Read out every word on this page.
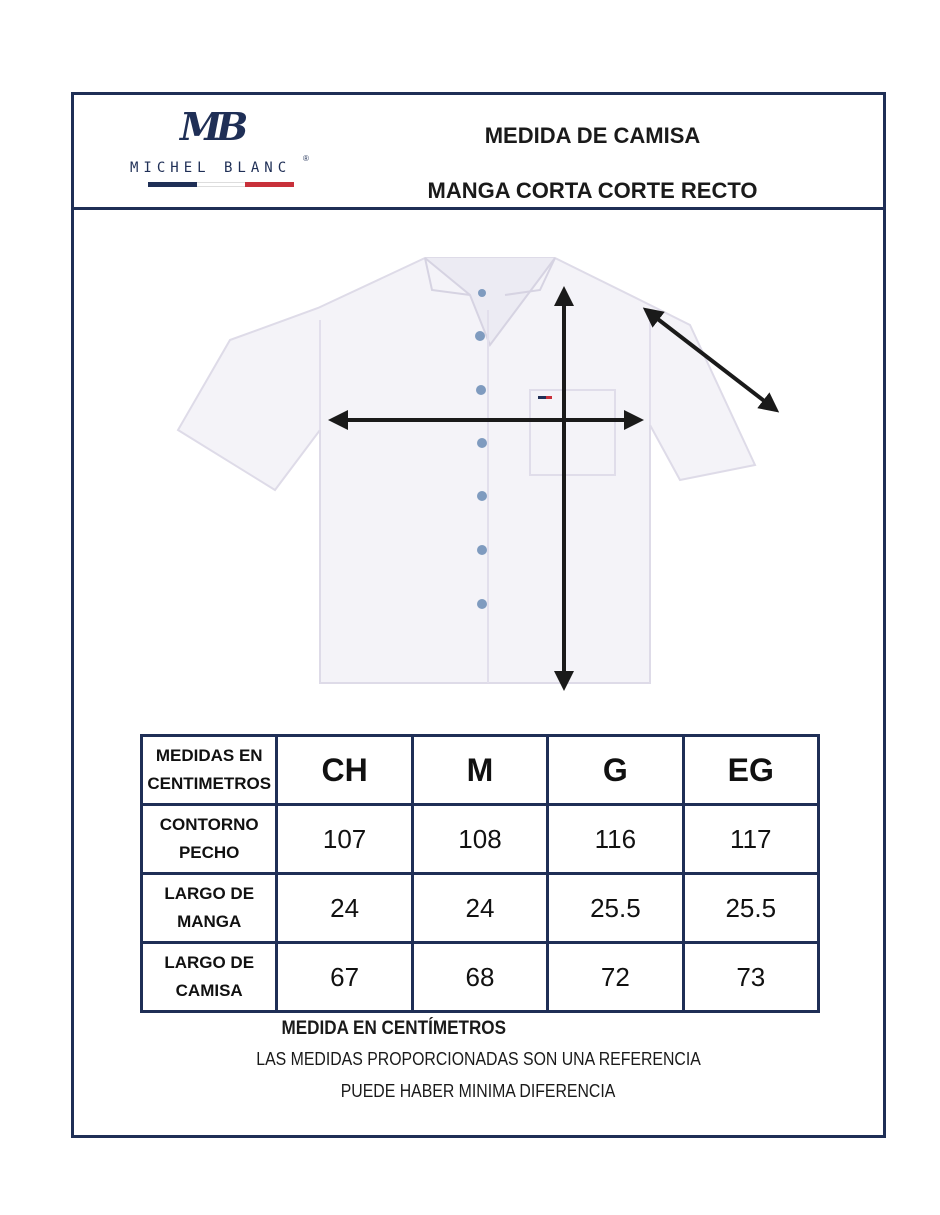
MB
MICHEL BLANC
®
MEDIDA DE CAMISA
MANGA CORTA CORTE RECTO
MEDIDAS EN
CENTIMETROS	CH	M	G	EG
CONTORNO
PECHO	107	108	116	117
LARGO DE
MANGA	24	24	25.5	25.5
LARGO DE
CAMISA	67	68	72	73
MEDIDA EN CENTÍMETROS
LAS MEDIDAS PROPORCIONADAS SON UNA REFERENCIA
PUEDE HABER MINIMA DIFERENCIA
